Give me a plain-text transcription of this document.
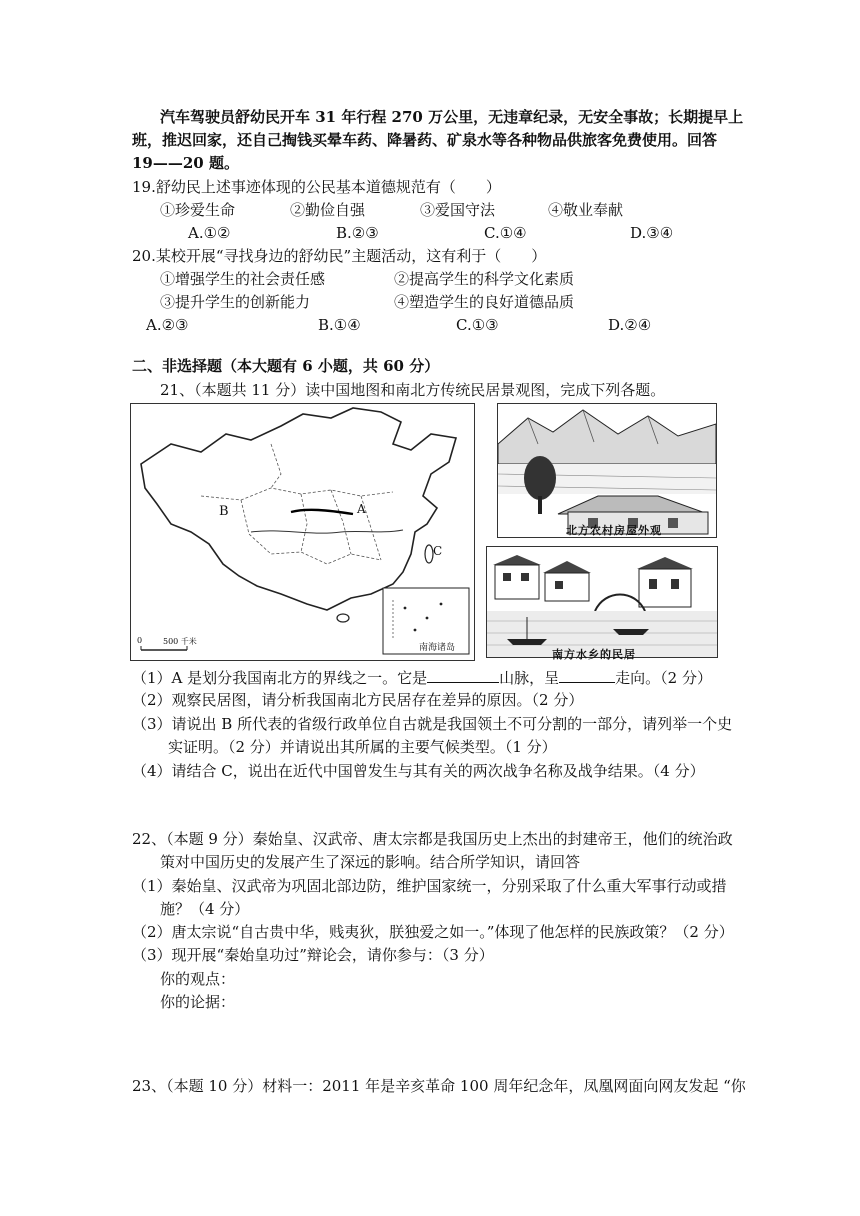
汽车驾驶员舒幼民开车 31 年行程 270 万公里，无违章纪录，无安全事故；长期提早上
班，推迟回家，还自己掏钱买晕车药、降暑药、矿泉水等各种物品供旅客免费使用。回答
19——20 题。
19.舒幼民上述事迹体现的公民基本道德规范有（　　）
①珍爱生命	②勤俭自强	③爱国守法	④敬业奉献
A.①②	B.②③	C.①④	D.③④
20.某校开展“寻找身边的舒幼民”主题活动，这有利于（　　）
①增强学生的社会责任感	②提高学生的科学文化素质
③提升学生的创新能力	④塑造学生的良好道德品质
A.②③	B.①④	C.①③	D.②④
二、非选择题（本大题有 6 小题，共 60 分）
21、（本题共 11 分）读中国地图和南北方传统民居景观图，完成下列各题。
B
C
A
南海诸岛
0	500 千米
北方农村房屋外观
南方水乡的民居
（1）A 是划分我国南北方的界线之一。它是	山脉，呈	走向。（2 分）
（2）观察民居图，请分析我国南北方民居存在差异的原因。（2 分）
（3）请说出 B 所代表的省级行政单位自古就是我国领土不可分割的一部分，请列举一个史
实证明。（2 分）并请说出其所属的主要气候类型。（1 分）
（4）请结合 C，说出在近代中国曾发生与其有关的两次战争名称及战争结果。（4 分）
22、（本题 9 分）秦始皇、汉武帝、唐太宗都是我国历史上杰出的封建帝王，他们的统治政
策对中国历史的发展产生了深远的影响。结合所学知识，请回答
（1）秦始皇、汉武帝为巩固北部边防，维护国家统一，分别采取了什么重大军事行动或措
施？（4 分）
（2）唐太宗说“自古贵中华，贱夷狄，朕独爱之如一。”体现了他怎样的民族政策？（2 分）
（3）现开展“秦始皇功过”辩论会，请你参与：（3 分）
你的观点：
你的论据：
23、（本题 10 分）材料一：2011 年是辛亥革命 100 周年纪念年，凤凰网面向网友发起 “你
